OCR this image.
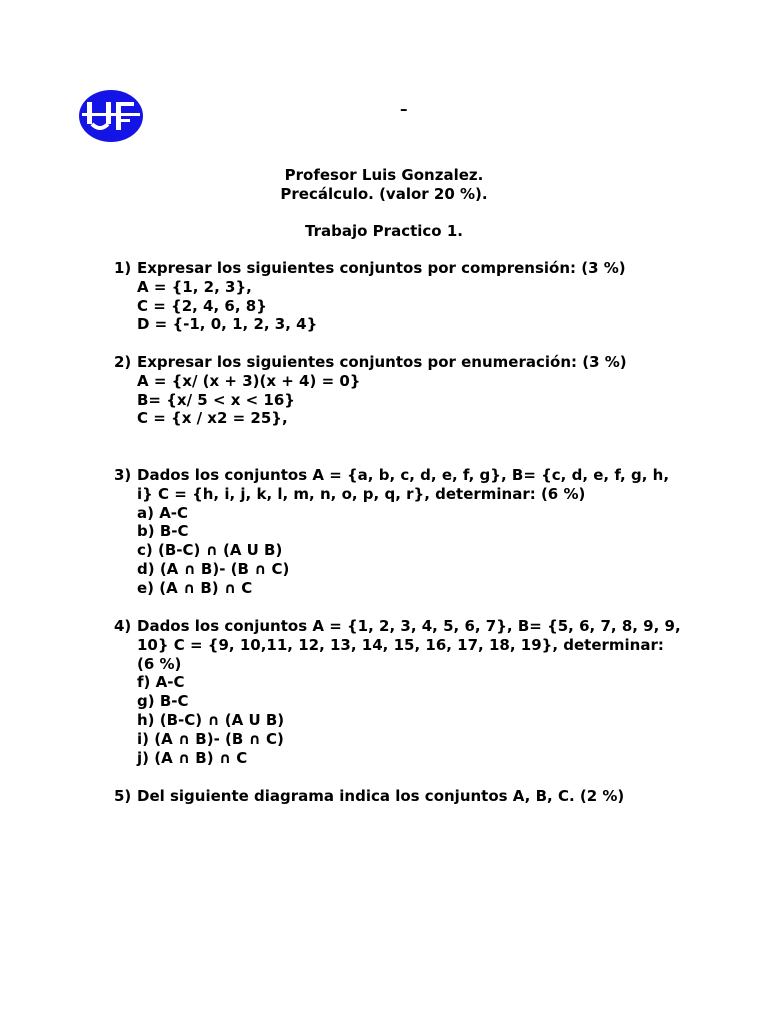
–
Profesor Luis Gonzalez.
Precálculo. (valor 20 %).
Trabajo Practico 1.
1) Expresar los siguientes conjuntos por comprensión: (3 %)
A = {1, 2, 3},
C = {2, 4, 6, 8}
D = {-1, 0, 1, 2, 3, 4}
2) Expresar los siguientes conjuntos por enumeración: (3 %)
A = {x/ (x + 3)(x + 4) = 0}
B= {x/ 5 < x < 16}
C = {x / x2 = 25},
3) Dados los conjuntos A = {a, b, c, d, e, f, g}, B= {c, d, e, f, g, h,
i} C = {h, i, j, k, l, m, n, o, p, q, r}, determinar: (6 %)
a) A-C
b) B-C
c) (B-C) ∩ (A U B)
d) (A ∩ B)- (B ∩ C)
e) (A ∩ B) ∩ C
4) Dados los conjuntos A = {1, 2, 3, 4, 5, 6, 7}, B= {5, 6, 7, 8, 9, 9,
10} C = {9, 10,11, 12, 13, 14, 15, 16, 17, 18, 19}, determinar:
(6 %)
f) A-C
g) B-C
h) (B-C) ∩ (A U B)
i) (A ∩ B)- (B ∩ C)
j) (A ∩ B) ∩ C
5) Del siguiente diagrama indica los conjuntos A, B, C. (2 %)
